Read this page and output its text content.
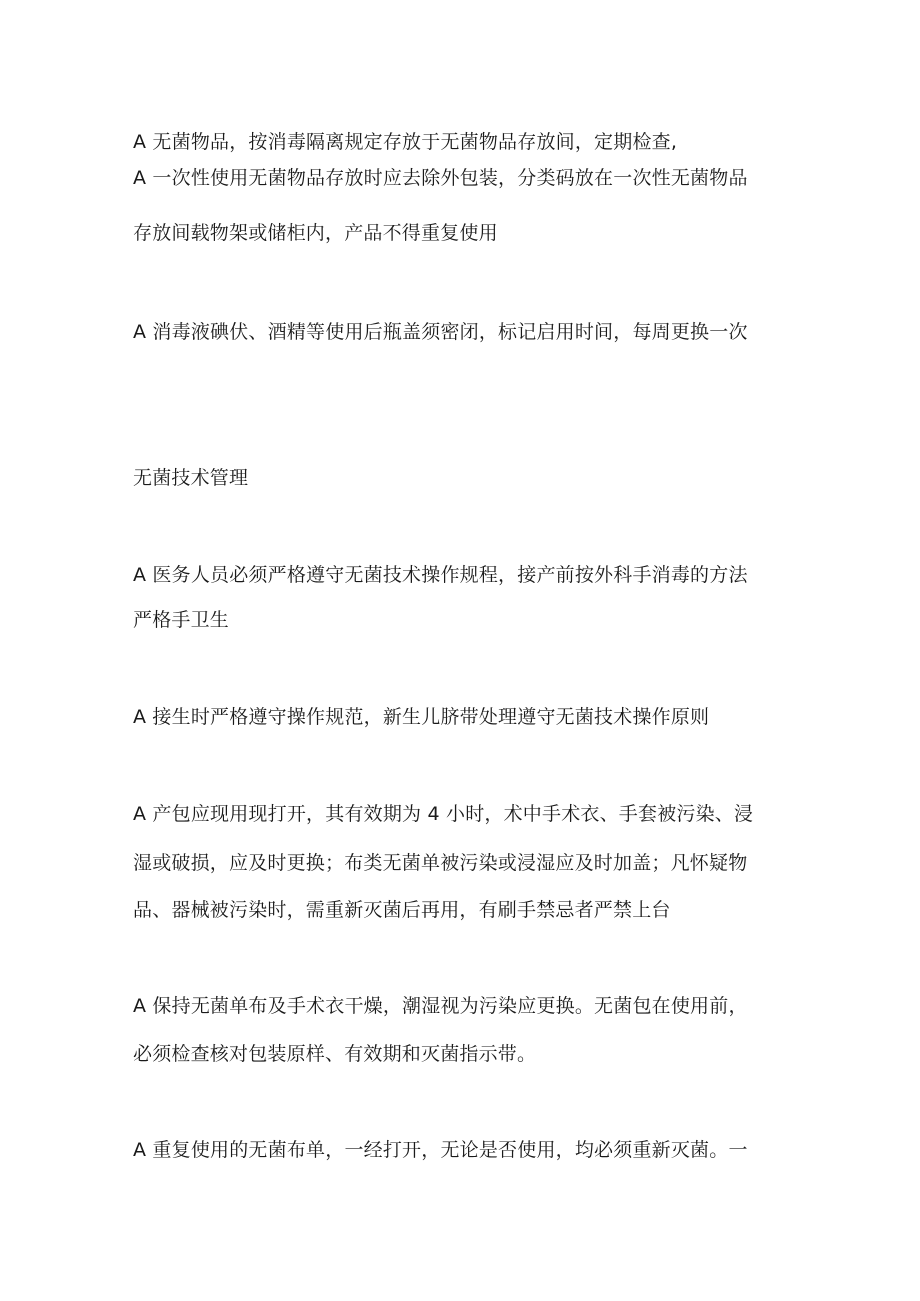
A 无菌物品，按消毒隔离规定存放于无菌物品存放间，定期检查,
A 一次性使用无菌物品存放时应去除外包装，分类码放在一次性无菌物品
存放间载物架或储柜内，产品不得重复使用
A 消毒液碘伏、酒精等使用后瓶盖须密闭，标记启用时间，每周更换一次
无菌技术管理
A 医务人员必须严格遵守无菌技术操作规程，接产前按外科手消毒的方法
严格手卫生
A 接生时严格遵守操作规范，新生儿脐带处理遵守无菌技术操作原则
A 产包应现用现打开，其有效期为 4 小时，术中手术衣、手套被污染、浸
湿或破损，应及时更换；布类无菌单被污染或浸湿应及时加盖；凡怀疑物
品、器械被污染时，需重新灭菌后再用，有刷手禁忌者严禁上台
A 保持无菌单布及手术衣干燥，潮湿视为污染应更换。无菌包在使用前，
必须检查核对包装原样、有效期和灭菌指示带。
A 重复使用的无菌布单，一经打开，无论是否使用，均必须重新灭菌。一
